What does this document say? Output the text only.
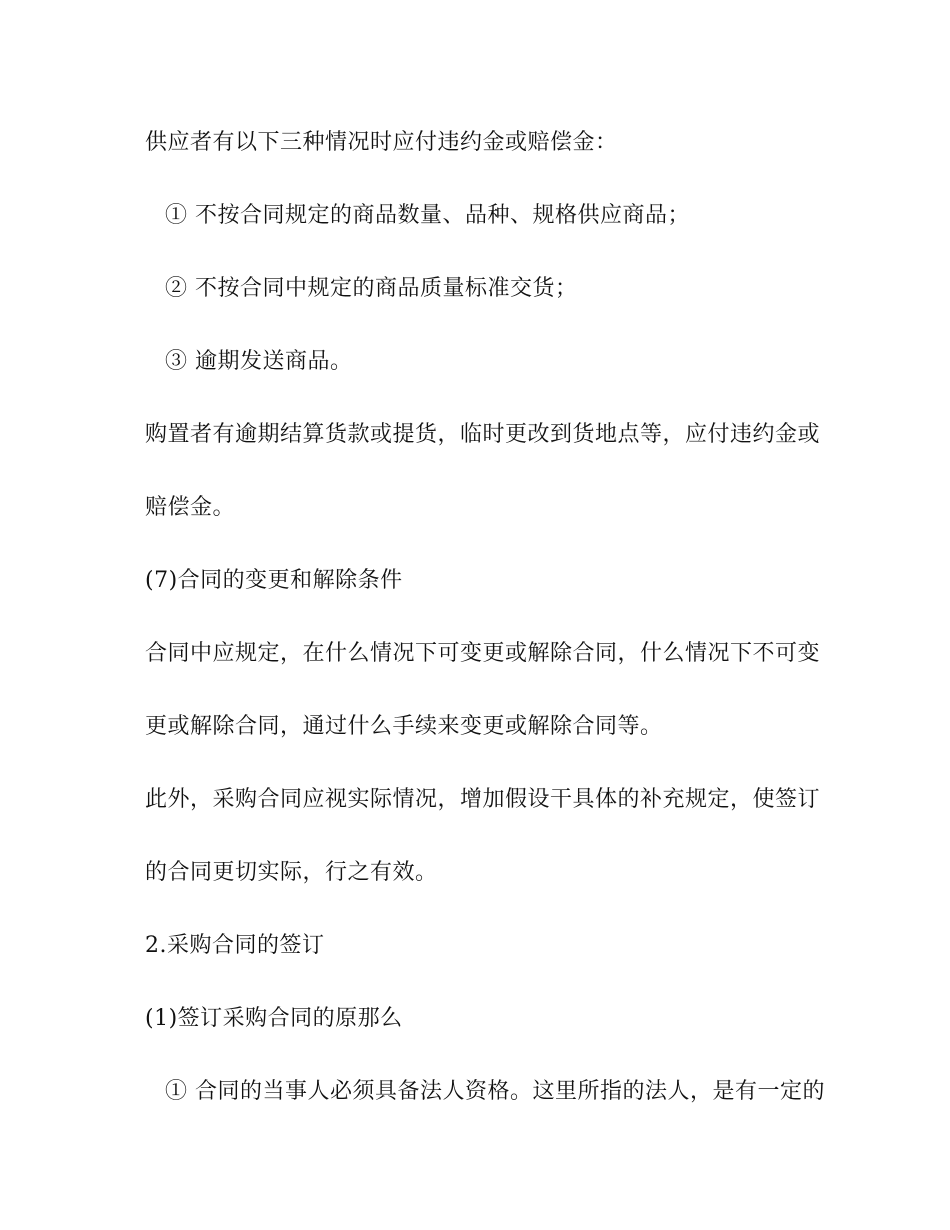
供应者有以下三种情况时应付违约金或赔偿金：
① 不按合同规定的商品数量、品种、规格供应商品；
② 不按合同中规定的商品质量标准交货；
③ 逾期发送商品。
购置者有逾期结算货款或提货，临时更改到货地点等，应付违约金或
赔偿金。
(7)合同的变更和解除条件
合同中应规定，在什么情况下可变更或解除合同，什么情况下不可变
更或解除合同，通过什么手续来变更或解除合同等。
此外，采购合同应视实际情况，增加假设干具体的补充规定，使签订
的合同更切实际，行之有效。
2.采购合同的签订
(1)签订采购合同的原那么
① 合同的当事人必须具备法人资格。这里所指的法人，是有一定的
